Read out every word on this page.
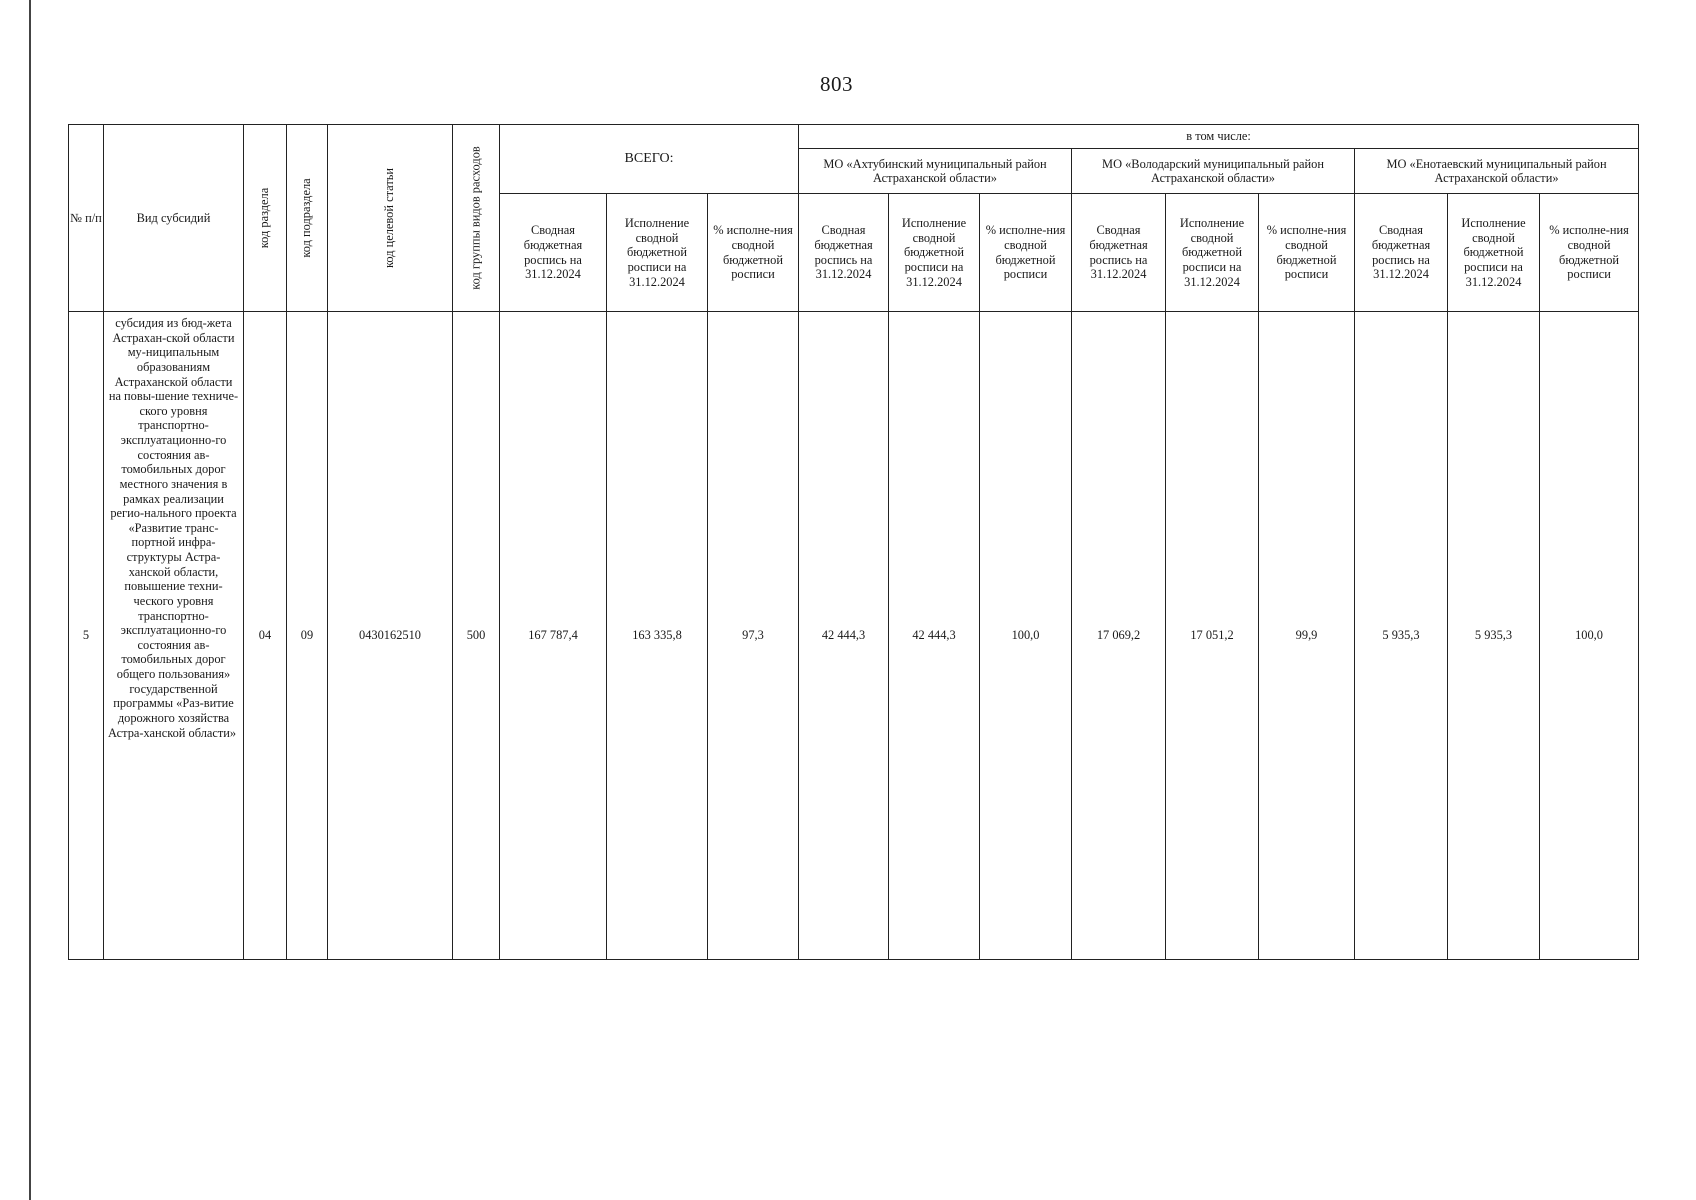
803
№ п/п	Вид субсидий	код раздела	код подраздела	код целевой статьи	код группы видов расходов	ВСЕГО:			в том числе:								
									МО «Ахтубинский муниципальный район Астраханской области»			МО «Володарский муниципальный район Астраханской области»			МО «Енотаевский муниципальный район Астраханской области»		
						Сводная бюджетная роспись на 31.12.2024	Исполнение сводной бюджетной росписи на 31.12.2024	% исполне-ния сводной бюджетной росписи	Сводная бюджетная роспись на 31.12.2024	Исполнение сводной бюджетной росписи на 31.12.2024	% исполне-ния сводной бюджетной росписи	Сводная бюджетная роспись на 31.12.2024	Исполнение сводной бюджетной росписи на 31.12.2024	% исполне-ния сводной бюджетной росписи	Сводная бюджетная роспись на 31.12.2024	Исполнение сводной бюджетной росписи на 31.12.2024	% исполне-ния сводной бюджетной росписи
5	субсидия из бюд-жета Астрахан-ской области му-ниципальным образованиям Астраханской области на повы-шение техниче-ского уровня транспортно-эксплуатационно-го состояния ав-томобильных дорог местного значения в рамках реализации регио-нального проекта «Развитие транс-портной инфра-структуры Астра-ханской области, повышение техни-ческого уровня транспортно-эксплуатационно-го состояния ав-томобильных дорог общего пользования» государственной программы «Раз-витие дорожного хозяйства Астра-ханской области»	04	09	0430162510	500	167 787,4	163 335,8	97,3	42 444,3	42 444,3	100,0	17 069,2	17 051,2	99,9	5 935,3	5 935,3	100,0
